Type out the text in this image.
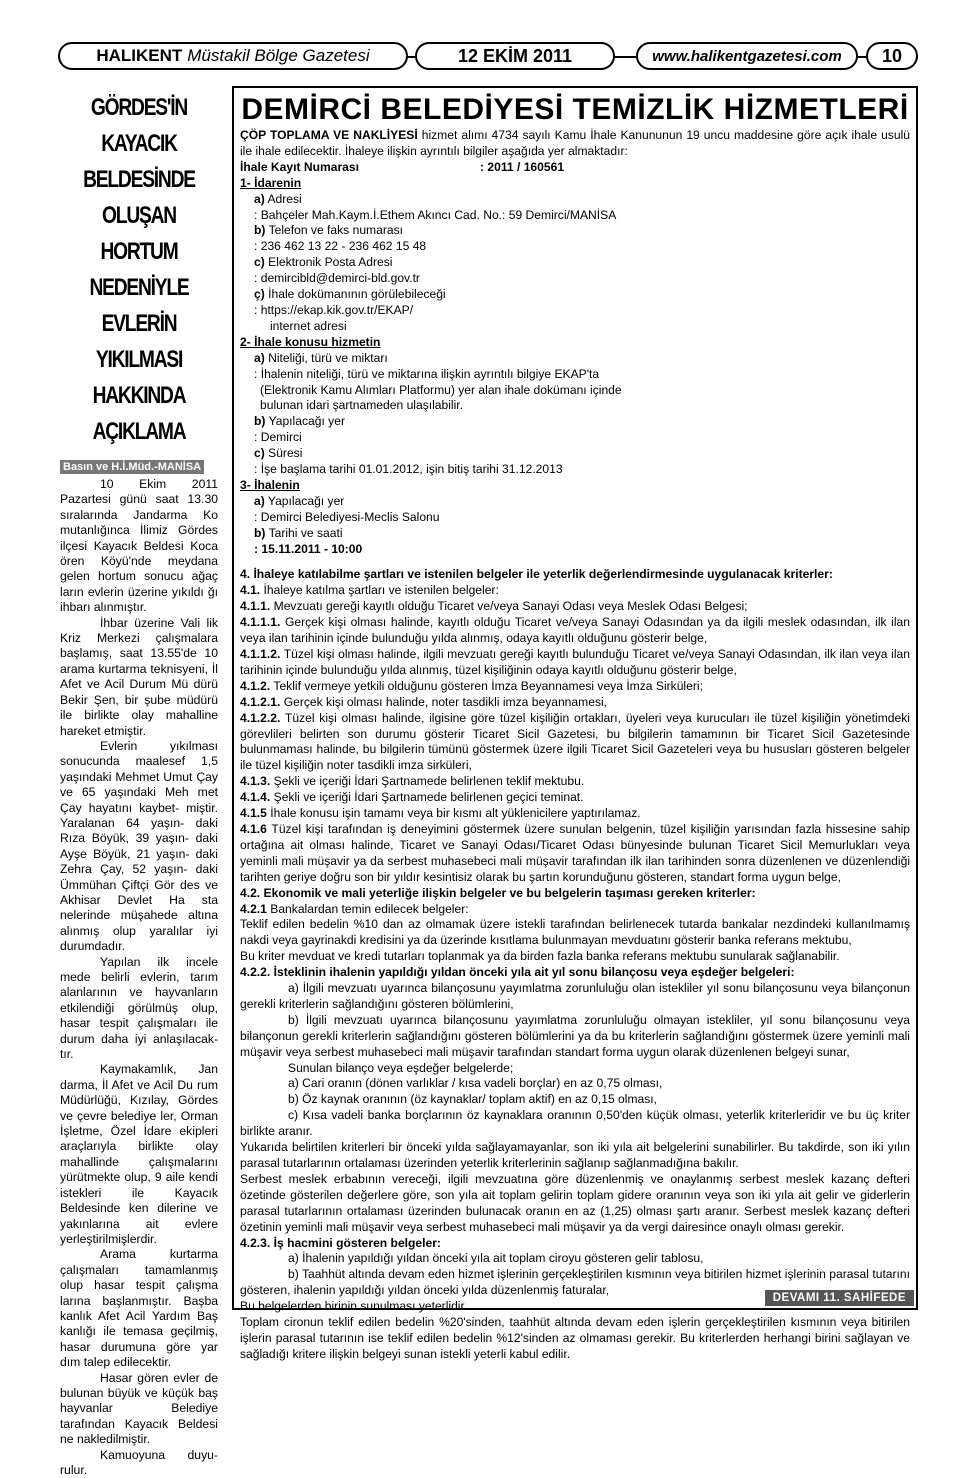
HALIKENT Müstakil Bölge Gazetesi	12 EKİM 2011	www.halikentgazetesi.com	10
GÖRDES'İN KAYACIK
BELDESİNDE OLUŞAN
HORTUM NEDENİYLE
EVLERİN YIKILMASI
HAKKINDA AÇIKLAMA
Basın ve H.İ.Müd.-MANİSA

10 Ekim 2011 Pazartesi günü saat 13.30 sıralarında Jandarma Ko mutanlığınca İlimiz Gördes ilçesi Kayacık Beldesi Koca ören Köyü'nde meydana gelen hortum sonucu ağaç ların evlerin üzerine yıkıldı ğı ihbarı alınmıştır.

İhbar üzerine Vali lik Kriz Merkezi çalışmalara başlamış, saat 13.55'de 10 arama kurtarma teknisyeni, İl Afet ve Acil Durum Mü dürü Bekir Şen, bir şube müdürü ile birlikte olay mahalline hareket etmiştir.

Evlerin yıkılması sonucunda maalesef 1,5 yaşındaki Mehmet Umut Çay ve 65 yaşındaki Meh met Çay hayatını kaybet- miştir. Yaralanan 64 yaşın- daki Rıza Böyük, 39 yaşın- daki Ayşe Böyük, 21 yaşın- daki Zehra Çay, 52 yaşın- daki Ümmühan Çiftçi Gör des ve Akhisar Devlet Ha sta nelerinde müşahede altına alınmış olup yaralılar iyi durumdadır.

Yapılan ilk incele mede belirli evlerin, tarım alanlarının ve hayvanların etkilendiği görülmüş olup, hasar tespit çalışmaları ile durum daha iyi anlaşılacak- tır.

Kaymakamlık, Jan darma, İl Afet ve Acil Du rum Müdürlüğü, Kızılay, Gördes ve çevre belediye ler, Orman İşletme, Özel İdare ekipleri araçlarıyla birlikte olay mahallinde çalışmalarını yürütmekte olup, 9 aile kendi istekleri ile Kayacık Beldesinde ken dilerine ve yakınlarına ait evlere yerleştirilmişlerdir.

Arama kurtarma çalışmaları tamamlanmış olup hasar tespit çalışma larına başlanmıştır. Başba kanlık Afet Acil Yardım Baş kanlığı ile temasa geçilmiş, hasar durumuna göre yar dım talep edilecektir.

Hasar gören evler de bulunan büyük ve küçük baş hayvanlar Belediye tarafından Kayacık Beldesi ne nakledilmiştir.

Kamuoyuna duyu- rulur.

DEMİRCİ BELEDİYESİ TEMİZLİK HİZMETLERİ

ÇÖP TOPLAMA VE NAKLİYESİ hizmet alımı 4734 sayılı Kamu İhale Kanununun 19 uncu maddesine göre açık ihale usulü ile ihale edilecektir. İhaleye ilişkin ayrıntılı bilgiler aşağıda yer almaktadır:

İhale Kayıt Numarası	: 2011 / 160561
1- İdarenin
a) Adresi: Bahçeler Mah.Kaym.İ.Ethem Akıncı Cad. No.: 59 Demirci/MANİSA
b) Telefon ve faks numarası: 236 462 13 22 - 236 462 15 48
c) Elektronik Posta Adresi: demircibld@demirci-bld.gov.tr
ç) İhale dokümanının görülebileceği: https://ekap.kik.gov.tr/EKAP/
internet adresi
2- İhale konusu hizmetin
a) Niteliği, türü ve miktarı: İhalenin niteliği, türü ve miktarına ilişkin ayrıntılı bilgiye EKAP'ta
(Elektronik Kamu Alımları Platformu) yer alan ihale dokümanı içinde
bulunan idari şartnameden ulaşılabilir.
b) Yapılacağı yer: Demirci
c) Süresi: İşe başlama tarihi 01.01.2012, işin bitiş tarihi 31.12.2013
3- İhalenin
a) Yapılacağı yer: Demirci Belediyesi-Meclis Salonu
b) Tarihi ve saati: 15.11.2011 - 10:00

4. İhaleye katılabilme şartları ve istenilen belgeler ile yeterlik değerlendirmesinde uygulanacak kriterler:

4.1. İhaleye katılma şartları ve istenilen belgeler:

4.1.1. Mevzuatı gereği kayıtlı olduğu Ticaret ve/veya Sanayi Odası veya Meslek Odası Belgesi;

4.1.1.1. Gerçek kişi olması halinde, kayıtlı olduğu Ticaret ve/veya Sanayi Odasından ya da ilgili meslek odasından, ilk ilan veya ilan tarihinin içinde bulunduğu yılda alınmış, odaya kayıtlı olduğunu gösterir belge,

4.1.1.2. Tüzel kişi olması halinde, ilgili mevzuatı gereği kayıtlı bulunduğu Ticaret ve/veya Sanayi Odasından, ilk ilan veya ilan tarihinin içinde bulunduğu yılda alınmış, tüzel kişiliğinin odaya kayıtlı olduğunu gösterir belge,

4.1.2. Teklif vermeye yetkili olduğunu gösteren İmza Beyannamesi veya İmza Sirküleri;

4.1.2.1. Gerçek kişi olması halinde, noter tasdikli imza beyannamesi,

4.1.2.2. Tüzel kişi olması halinde, ilgisine göre tüzel kişiliğin ortakları, üyeleri veya kurucuları ile tüzel kişiliğin yönetimdeki görevlileri belirten son durumu gösterir Ticaret Sicil Gazetesi, bu bilgilerin tamamının bir Ticaret Sicil Gazetesinde bulunmaması halinde, bu bilgilerin tümünü göstermek üzere ilgili Ticaret Sicil Gazeteleri veya bu hususları gösteren belgeler ile tüzel kişiliğin noter tasdikli imza sirküleri,

4.1.3. Şekli ve içeriği İdari Şartnamede belirlenen teklif mektubu.

4.1.4. Şekli ve içeriği İdari Şartnamede belirlenen geçici teminat.

4.1.5 İhale konusu işin tamamı veya bir kısmı alt yüklenicilere yaptırılamaz.

4.1.6 Tüzel kişi tarafından iş deneyimini göstermek üzere sunulan belgenin, tüzel kişiliğin yarısından fazla hissesine sahip ortağına ait olması halinde, Ticaret ve Sanayi Odası/Ticaret Odası bünyesinde bulunan Ticaret Sicil Memurlukları veya yeminli mali müşavir ya da serbest muhasebeci mali müşavir tarafından ilk ilan tarihinden sonra düzenlenen ve düzenlendiği tarihten geriye doğru son bir yıldır kesintisiz olarak bu şartın korunduğunu gösteren, standart forma uygun belge,

4.2. Ekonomik ve mali yeterliğe ilişkin belgeler ve bu belgelerin taşıması gereken kriterler:

4.2.1 Bankalardan temin edilecek belgeler:

Teklif edilen bedelin %10 dan az olmamak üzere istekli tarafından belirlenecek tutarda bankalar nezdindeki kullanılmamış nakdi veya gayrinakdi kredisini ya da üzerinde kısıtlama bulunmayan mevduatını gösterir banka referans mektubu,

Bu kriter mevduat ve kredi tutarları toplanmak ya da birden fazla banka referans mektubu sunularak sağlanabilir.

4.2.2. İsteklinin ihalenin yapıldığı yıldan önceki yıla ait yıl sonu bilançosu veya eşdeğer belgeleri:

a) İlgili mevzuatı uyarınca bilançosunu yayımlatma zorunluluğu olan istekliler yıl sonu bilançosunu veya bilançonun gerekli kriterlerin sağlandığını gösteren bölümlerini,

b) İlgili mevzuatı uyarınca bilançosunu yayımlatma zorunluluğu olmayan istekliler, yıl sonu bilançosunu veya bilançonun gerekli kriterlerin sağlandığını gösteren bölümlerini ya da bu kriterlerin sağlandığını göstermek üzere yeminli mali müşavir veya serbest muhasebeci mali müşavir tarafından standart forma uygun olarak düzenlenen belgeyi sunar,

Sunulan bilanço veya eşdeğer belgelerde;

a) Cari oranın (dönen varlıklar / kısa vadeli borçlar) en az 0,75 olması,

b) Öz kaynak oranının (öz kaynaklar/ toplam aktif) en az 0,15 olması,

c) Kısa vadeli banka borçlarının öz kaynaklara oranının 0,50'den küçük olması, yeterlik kriterleridir ve bu üç kriter birlikte aranır.

Yukarıda belirtilen kriterleri bir önceki yılda sağlayamayanlar, son iki yıla ait belgelerini sunabilirler. Bu takdirde, son iki yılın parasal tutarlarının ortalaması üzerinden yeterlik kriterlerinin sağlanıp sağlanmadığına bakılır.

Serbest meslek erbabının vereceği, ilgili mevzuatına göre düzenlenmiş ve onaylanmış serbest meslek kazanç defteri özetinde gösterilen değerlere göre, son yıla ait toplam gelirin toplam gidere oranının veya son iki yıla ait gelir ve giderlerin parasal tutarlarının ortalaması üzerinden bulunacak oranın en az (1,25) olması şartı aranır. Serbest meslek kazanç defteri özetinin yeminli mali müşavir veya serbest muhasebeci mali müşavir ya da vergi dairesince onaylı olması gerekir.

4.2.3. İş hacmini gösteren belgeler:

a) İhalenin yapıldığı yıldan önceki yıla ait toplam ciroyu gösteren gelir tablosu,

b) Taahhüt altında devam eden hizmet işlerinin gerçekleştirilen kısmının veya bitirilen hizmet işlerinin parasal tutarını gösteren, ihalenin yapıldığı yıldan önceki yılda düzenlenmiş faturalar,

Bu belgelerden birinin sunulması yeterlidir.

Toplam cironun teklif edilen bedelin %20'sinden, taahhüt altında devam eden işlerin gerçekleştirilen kısmının veya bitirilen işlerin parasal tutarının ise teklif edilen bedelin %12'sinden az olmaması gerekir. Bu kriterlerden herhangi birini sağlayan ve sağladığı kritere ilişkin belgeyi sunan istekli yeterli kabul edilir.

DEVAMI 11. SAHİFEDE
